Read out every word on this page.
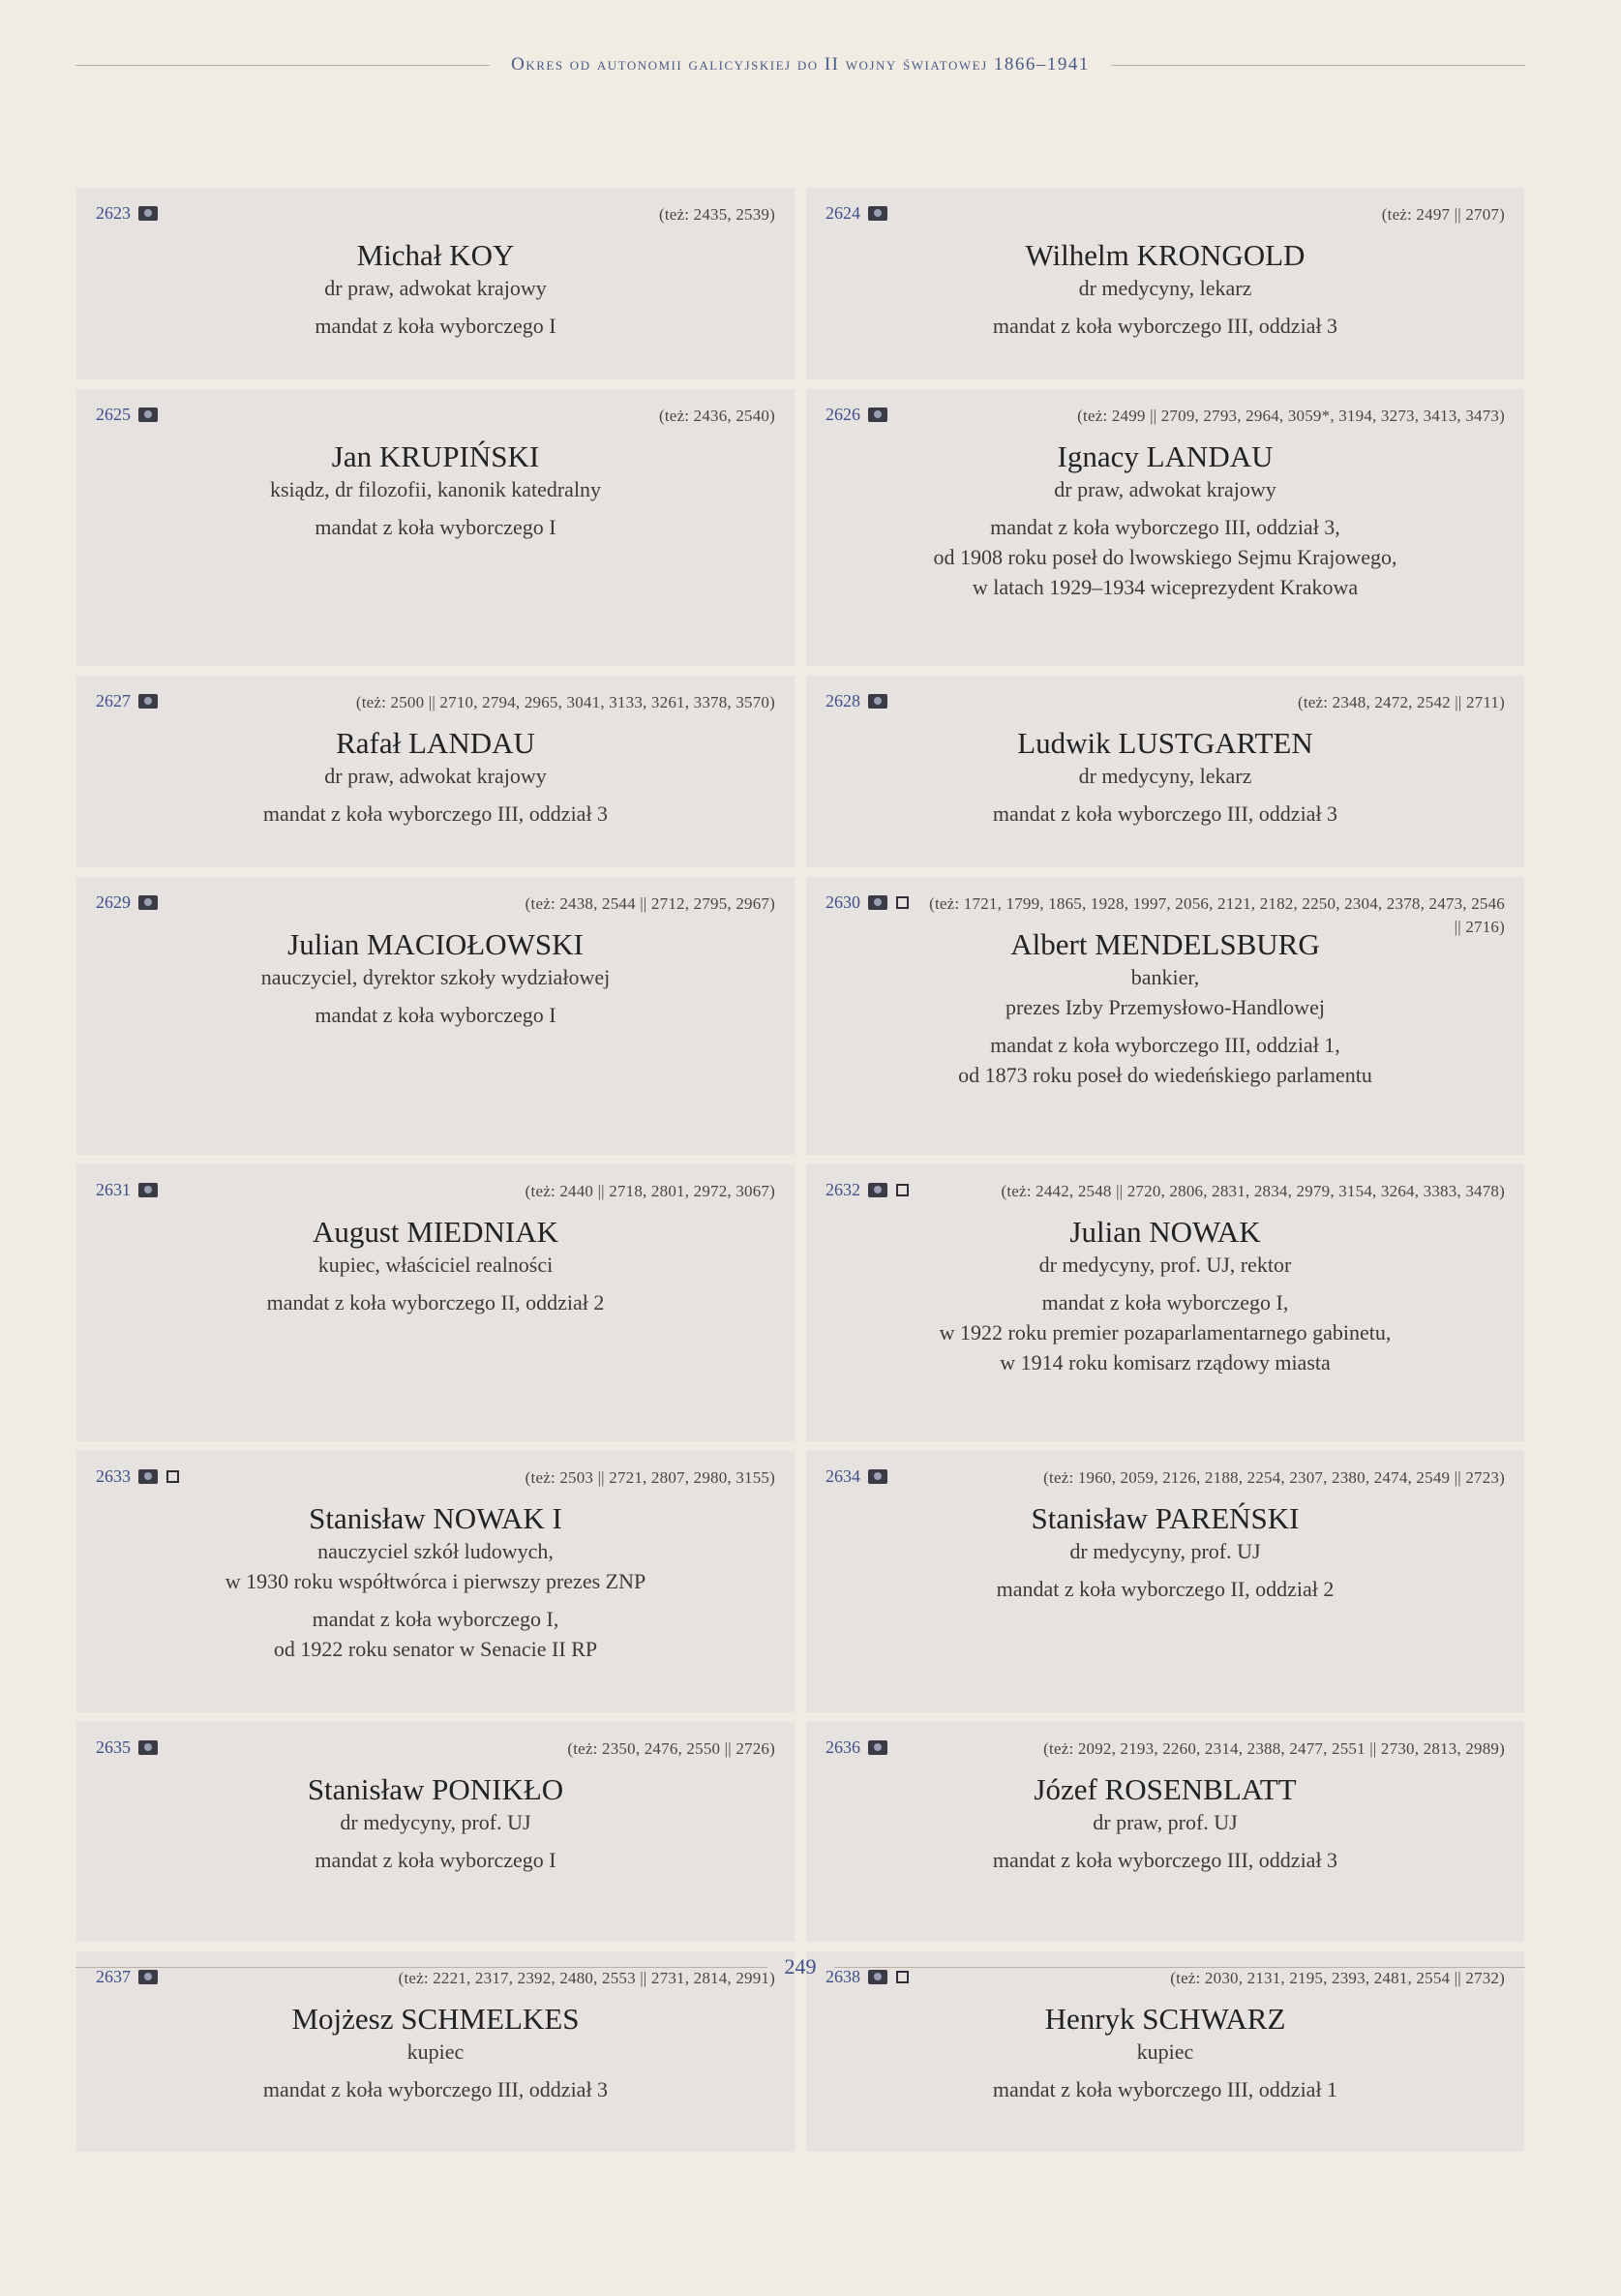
Okres od autonomii galicyjskiej do II wojny światowej 1866–1941
2623	(też: 2435, 2539)
Michał KOY
dr praw, adwokat krajowy
mandat z koła wyborczego I
2624	(też: 2497 || 2707)
Wilhelm KRONGOLD
dr medycyny, lekarz
mandat z koła wyborczego III, oddział 3
2625	(też: 2436, 2540)
Jan KRUPIŃSKI
ksiądz, dr filozofii, kanonik katedralny
mandat z koła wyborczego I
2626	(też: 2499 || 2709, 2793, 2964, 3059*, 3194, 3273, 3413, 3473)
Ignacy LANDAU
dr praw, adwokat krajowy
mandat z koła wyborczego III, oddział 3,
od 1908 roku poseł do lwowskiego Sejmu Krajowego,
w latach 1929–1934 wiceprezydent Krakowa
2627	(też: 2500 || 2710, 2794, 2965, 3041, 3133, 3261, 3378, 3570)
Rafał LANDAU
dr praw, adwokat krajowy
mandat z koła wyborczego III, oddział 3
2628	(też: 2348, 2472, 2542 || 2711)
Ludwik LUSTGARTEN
dr medycyny, lekarz
mandat z koła wyborczego III, oddział 3
2629	(też: 2438, 2544 || 2712, 2795, 2967)
Julian MACIOŁOWSKI
nauczyciel, dyrektor szkoły wydziałowej
mandat z koła wyborczego I
2630	(też: 1721, 1799, 1865, 1928, 1997, 2056, 2121, 2182, 2250, 2304, 2378, 2473, 2546 || 2716)
Albert MENDELSBURG
bankier,
prezes Izby Przemysłowo-Handlowej
mandat z koła wyborczego III, oddział 1,
od 1873 roku poseł do wiedeńskiego parlamentu
2631	(też: 2440 || 2718, 2801, 2972, 3067)
August MIEDNIAK
kupiec, właściciel realności
mandat z koła wyborczego II, oddział 2
2632	(też: 2442, 2548 || 2720, 2806, 2831, 2834, 2979, 3154, 3264, 3383, 3478)
Julian NOWAK
dr medycyny, prof. UJ, rektor
mandat z koła wyborczego I,
w 1922 roku premier pozaparlamentarnego gabinetu,
w 1914 roku komisarz rządowy miasta
2633	(też: 2503 || 2721, 2807, 2980, 3155)
Stanisław NOWAK I
nauczyciel szkół ludowych,
w 1930 roku współtwórca i pierwszy prezes ZNP
mandat z koła wyborczego I,
od 1922 roku senator w Senacie II RP
2634	(też: 1960, 2059, 2126, 2188, 2254, 2307, 2380, 2474, 2549 || 2723)
Stanisław PAREŃSKI
dr medycyny, prof. UJ
mandat z koła wyborczego II, oddział 2
2635	(też: 2350, 2476, 2550 || 2726)
Stanisław PONIKŁO
dr medycyny, prof. UJ
mandat z koła wyborczego I
2636	(też: 2092, 2193, 2260, 2314, 2388, 2477, 2551 || 2730, 2813, 2989)
Józef ROSENBLATT
dr praw, prof. UJ
mandat z koła wyborczego III, oddział 3
2637	(też: 2221, 2317, 2392, 2480, 2553 || 2731, 2814, 2991)
Mojżesz SCHMELKES
kupiec
mandat z koła wyborczego III, oddział 3
2638	(też: 2030, 2131, 2195, 2393, 2481, 2554 || 2732)
Henryk SCHWARZ
kupiec
mandat z koła wyborczego III, oddział 1
249
